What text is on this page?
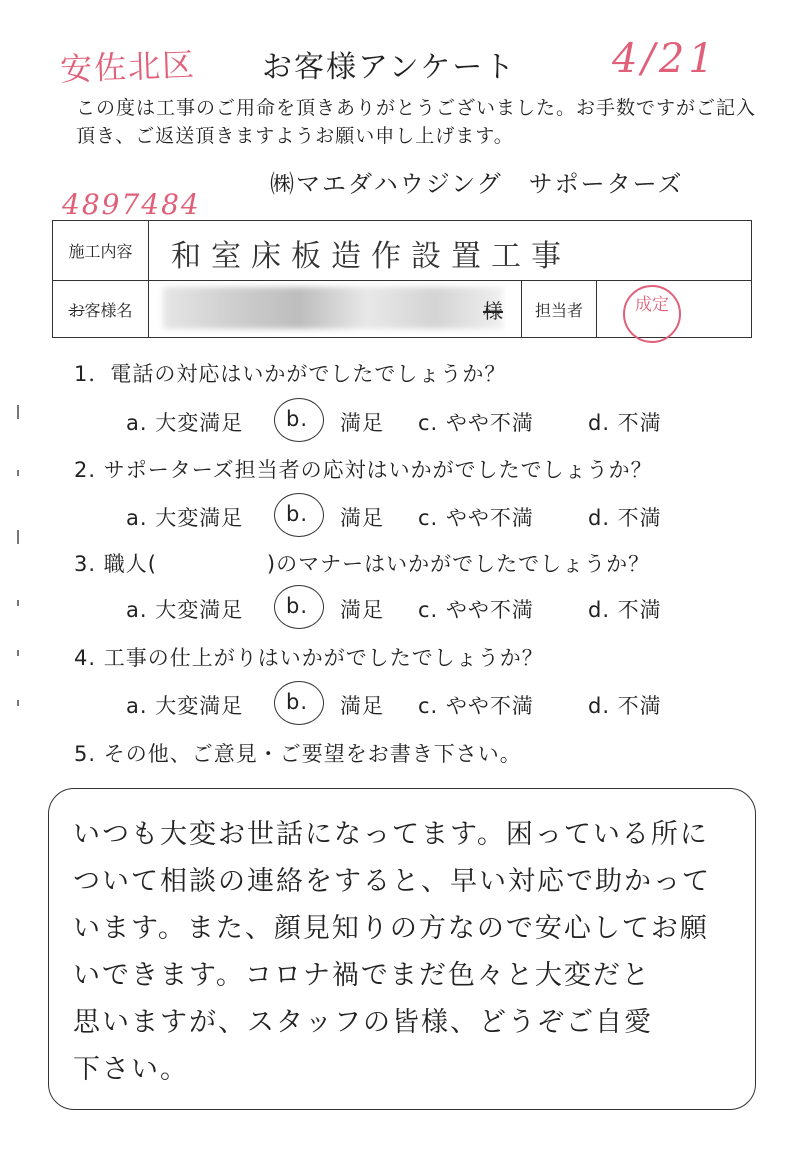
安佐北区 お客様アンケート 4/21
この度は工事のご用命を頂きありがとうございました。お手数ですがご記入頂き、ご返送頂きますようお願い申し上げます。
㈱マエダハウジング　サポーターズ
4897484
施工内容	和室床板造作設置工事
お 客様名	様	担当者	成定
1．電話の対応はいかがでしたでしょうか？
a. 大変満足 b. 満足 c. やや不満	d. 不満
2. サポーターズ担当者の応対はいかがでしたでしょうか？
a. 大変満足 b. 満足 c. やや不満	d. 不満
3. 職人(　　　　　)のマナーはいかがでしたでしょうか？
a. 大変満足 b. 満足 c. やや不満	d. 不満
4. 工事の仕上がりはいかがでしたでしょうか？
a. 大変満足 b. 満足 c. やや不満	d. 不満
5. その他、ご意見・ご要望をお書き下さい。
いつも大変お世話になってます。困っている所に
ついて相談の連絡をすると、早い対応で助かって
います。また、顔見知りの方なので安心してお願
いできます。コロナ禍でまだ色々と大変だと
思いますが、スタッフの皆様、どうぞご自愛
下さい。
